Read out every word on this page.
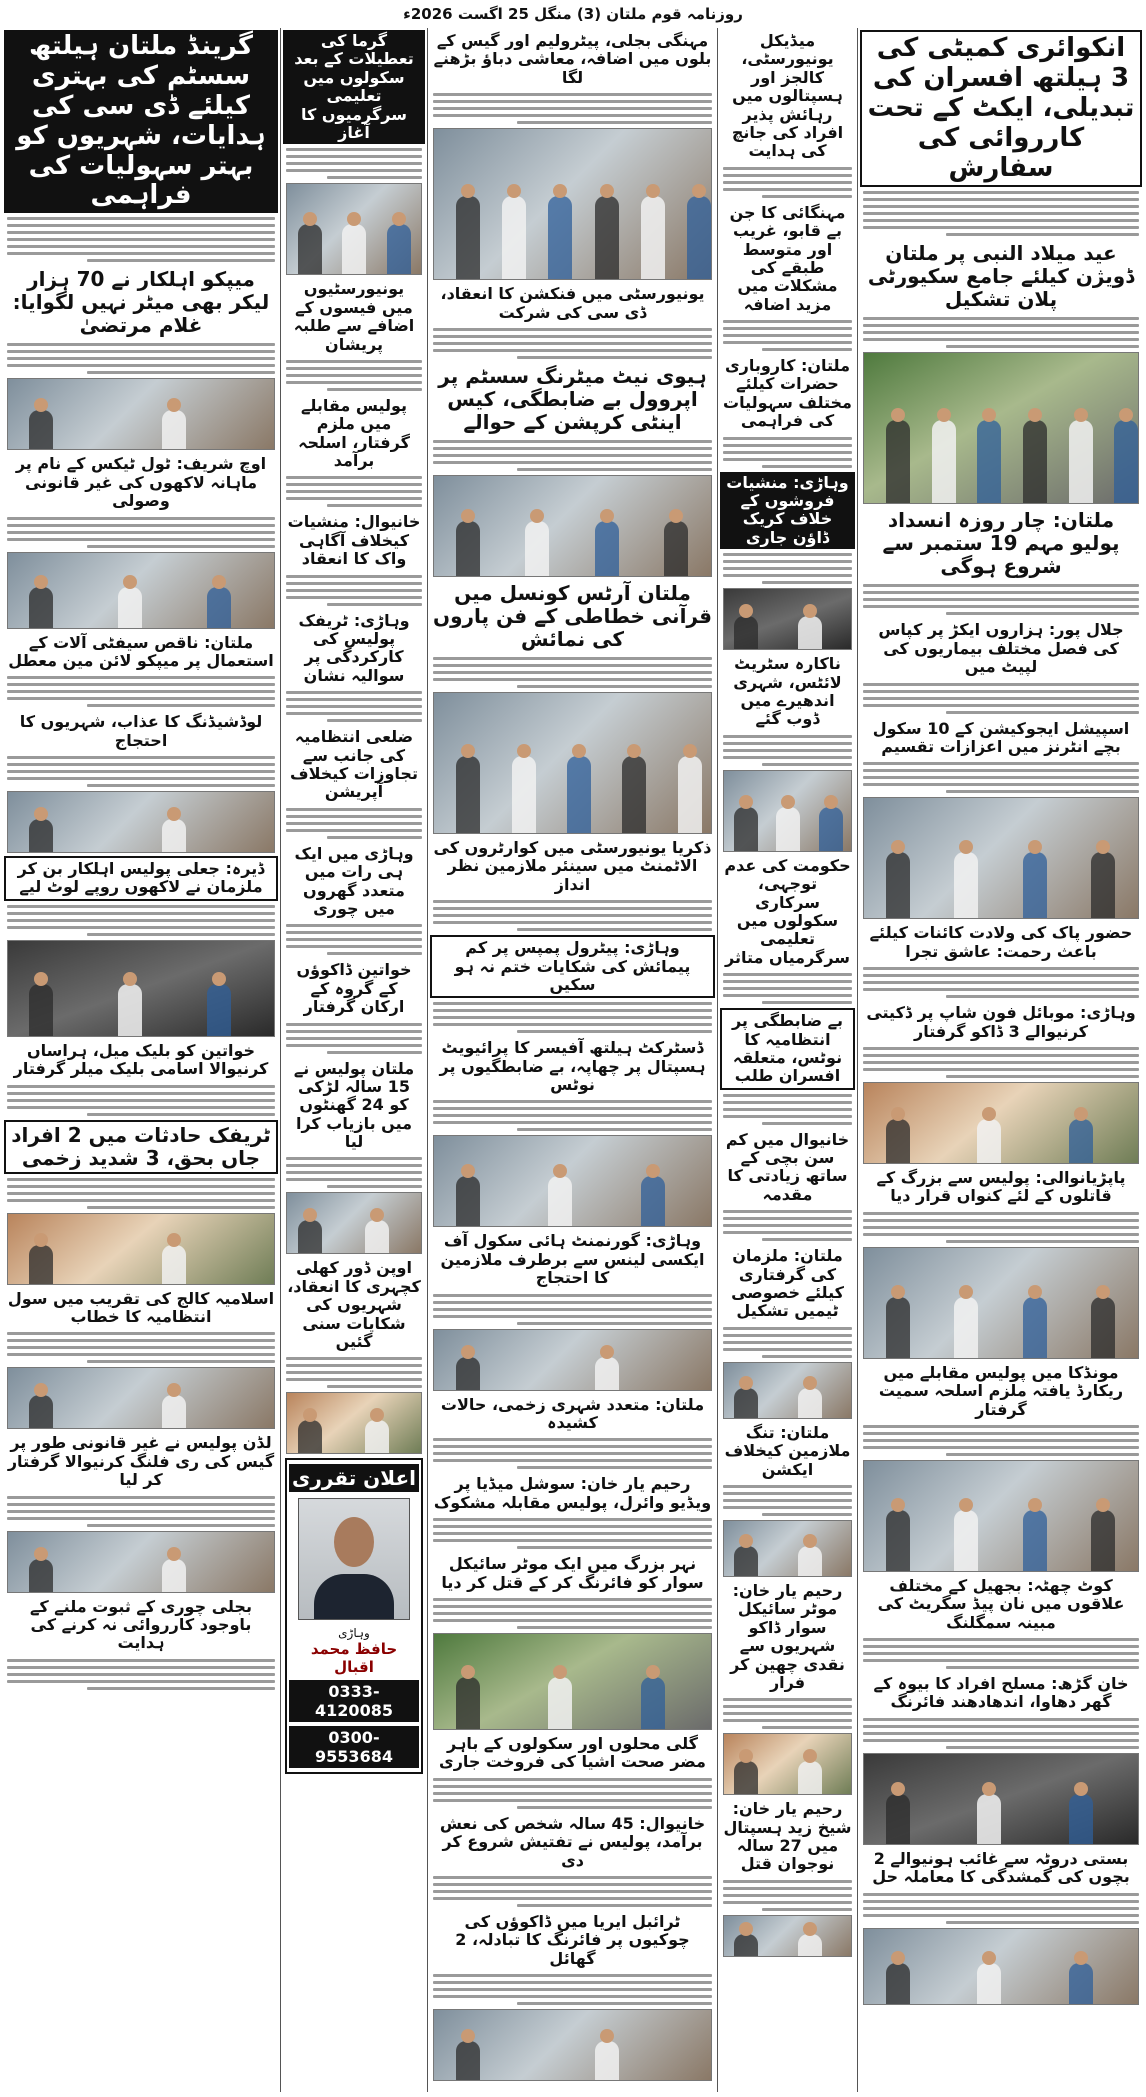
روزنامہ قوم ملتان (3) منگل 25 اگست 2026ء
انکوائری کمیٹی کی 3 ہیلتھ افسران کی تبدیلی، ایکٹ کے تحت کارروائی کی سفارش
عید میلاد النبی پر ملتان ڈویژن کیلئے جامع سکیورٹی پلان تشکیل
ملتان: چار روزہ انسداد پولیو مہم 19 ستمبر سے شروع ہوگی
جلال پور: ہزاروں ایکڑ پر کپاس کی فصل مختلف بیماریوں کی لپیٹ میں
اسپیشل ایجوکیشن کے 10 سکول بچے انٹرنز میں اعزازات تقسیم
حضور پاک کی ولادت کائنات کیلئے باعث رحمت: عاشق تجرا
وہاڑی: موبائل فون شاپ پر ڈکیتی کرنیوالے 3 ڈاکو گرفتار
پاپڑیانوالی: پولیس سے بزرگ کے قاتلوں کے لئے کنواں قرار دیا
مونڈکا میں پولیس مقابلے میں ریکارڈ یافتہ ملزم اسلحہ سمیت گرفتار
کوٹ چھٹہ: بجھیل کے مختلف علاقوں میں نان پیڈ سگریٹ کی مبینہ سمگلنگ
خان گڑھ: مسلح افراد کا بیوہ کے گھر دھاوا، اندھادھند فائرنگ
بستی دروٹہ سے غائب ہونیوالے 2 بچوں کی گمشدگی کا معاملہ حل
میڈیکل یونیورسٹی، کالجز اور ہسپتالوں میں رہائش پذیر افراد کی جانچ کی ہدایت
مہنگائی کا جن بے قابو، غریب اور متوسط طبقے کی مشکلات میں مزید اضافہ
ملتان: کاروباری حضرات کیلئے مختلف سہولیات کی فراہمی
وہاڑی: منشیات فروشوں کے خلاف کریک ڈاؤن جاری
ناکارہ سٹریٹ لائٹس، شہری اندھیرے میں ڈوب گئے
حکومت کی عدم توجہی، سرکاری سکولوں میں تعلیمی سرگرمیاں متاثر
بے ضابطگی پر انتظامیہ کا نوٹس، متعلقہ افسران طلب
خانیوال میں کم سن بچی کے ساتھ زیادتی کا مقدمہ
ملتان: ملزمان کی گرفتاری کیلئے خصوصی ٹیمیں تشکیل
ملتان: تنگ ملازمین کیخلاف ایکشن
رحیم یار خان: موٹر سائیکل سوار ڈاکو شہریوں سے نقدی چھین کر فرار
رحیم یار خان: شیخ زید ہسپتال میں 27 سالہ نوجوان قتل
مہنگی بجلی، پیٹرولیم اور گیس کے بلوں میں اضافہ، معاشی دباؤ بڑھنے لگا
یونیورسٹی میں فنکشن کا انعقاد، ڈی سی کی شرکت
ہیوی نیٹ میٹرنگ سسٹم پر اپروول بے ضابطگی، کیس اینٹی کرپشن کے حوالے
ملتان آرٹس کونسل میں قرآنی خطاطی کے فن پاروں کی نمائش
ذکریا یونیورسٹی میں کوارٹروں کی الاٹمنٹ میں سینئر ملازمین نظر انداز
وہاڑی: پیٹرول پمپس پر کم پیمائش کی شکایات ختم نہ ہو سکیں
ڈسٹرکٹ ہیلتھ آفیسر کا پرائیویٹ ہسپتال پر چھاپہ، بے ضابطگیوں پر نوٹس
وہاڑی: گورنمنٹ ہائی سکول آف ایکسی لینس سے برطرف ملازمین کا احتجاج
ملتان: متعدد شہری زخمی، حالات کشیدہ
رحیم یار خان: سوشل میڈیا پر ویڈیو وائرل، پولیس مقابلہ مشکوک
نہر بزرگ میں ایک موٹر سائیکل سوار کو فائرنگ کر کے قتل کر دیا
گلی محلوں اور سکولوں کے باہر مضر صحت اشیا کی فروخت جاری
خانیوال: 45 سالہ شخص کی نعش برآمد، پولیس نے تفتیش شروع کر دی
ٹرائبل ایریا میں ڈاکوؤں کی چوکیوں پر فائرنگ کا تبادلہ، 2 گھائل
گرما کی تعطیلات کے بعد سکولوں میں تعلیمی سرگرمیوں کا آغاز
یونیورسٹیوں میں فیسوں کے اضافے سے طلبہ پریشان
پولیس مقابلے میں ملزم گرفتار، اسلحہ برآمد
خانیوال: منشیات کیخلاف آگاہی واک کا انعقاد
وہاڑی: ٹریفک پولیس کی کارکردگی پر سوالیہ نشان
ضلعی انتظامیہ کی جانب سے تجاوزات کیخلاف آپریشن
وہاڑی میں ایک ہی رات میں متعدد گھروں میں چوری
خواتین ڈاکوؤں کے گروہ کے ارکان گرفتار
ملتان پولیس نے 15 سالہ لڑکی کو 24 گھنٹوں میں بازیاب کرا لیا
اوپن ڈور کھلی کچہری کا انعقاد، شہریوں کی شکایات سنی گئیں
اعلان تقرری
وہاڑی
حافظ محمد اقبال
0333-4120085
0300-9553684
گرینڈ ملتان ہیلتھ سسٹم کی بہتری کیلئے ڈی سی کی ہدایات، شہریوں کو بہتر سہولیات کی فراہمی
میپکو اہلکار نے 70 ہزار لیکر بھی میٹر نہیں لگوایا: غلام مرتضیٰ
اوچ شریف: ٹول ٹیکس کے نام پر ماہانہ لاکھوں کی غیر قانونی وصولی
ملتان: ناقص سیفٹی آلات کے استعمال پر میپکو لائن مین معطل
لوڈشیڈنگ کا عذاب، شہریوں کا احتجاج
ڈیرہ: جعلی پولیس اہلکار بن کر ملزمان نے لاکھوں روپے لوٹ لیے
خواتین کو بلیک میل، ہراساں کرنیوالا اسامی بلیک میلر گرفتار
ٹریفک حادثات میں 2 افراد جاں بحق، 3 شدید زخمی
اسلامیہ کالج کی تقریب میں سول انتظامیہ کا خطاب
لڈن پولیس نے غیر قانونی طور پر گیس کی ری فلنگ کرنیوالا گرفتار کر لیا
بجلی چوری کے ثبوت ملنے کے باوجود کارروائی نہ کرنے کی ہدایت
